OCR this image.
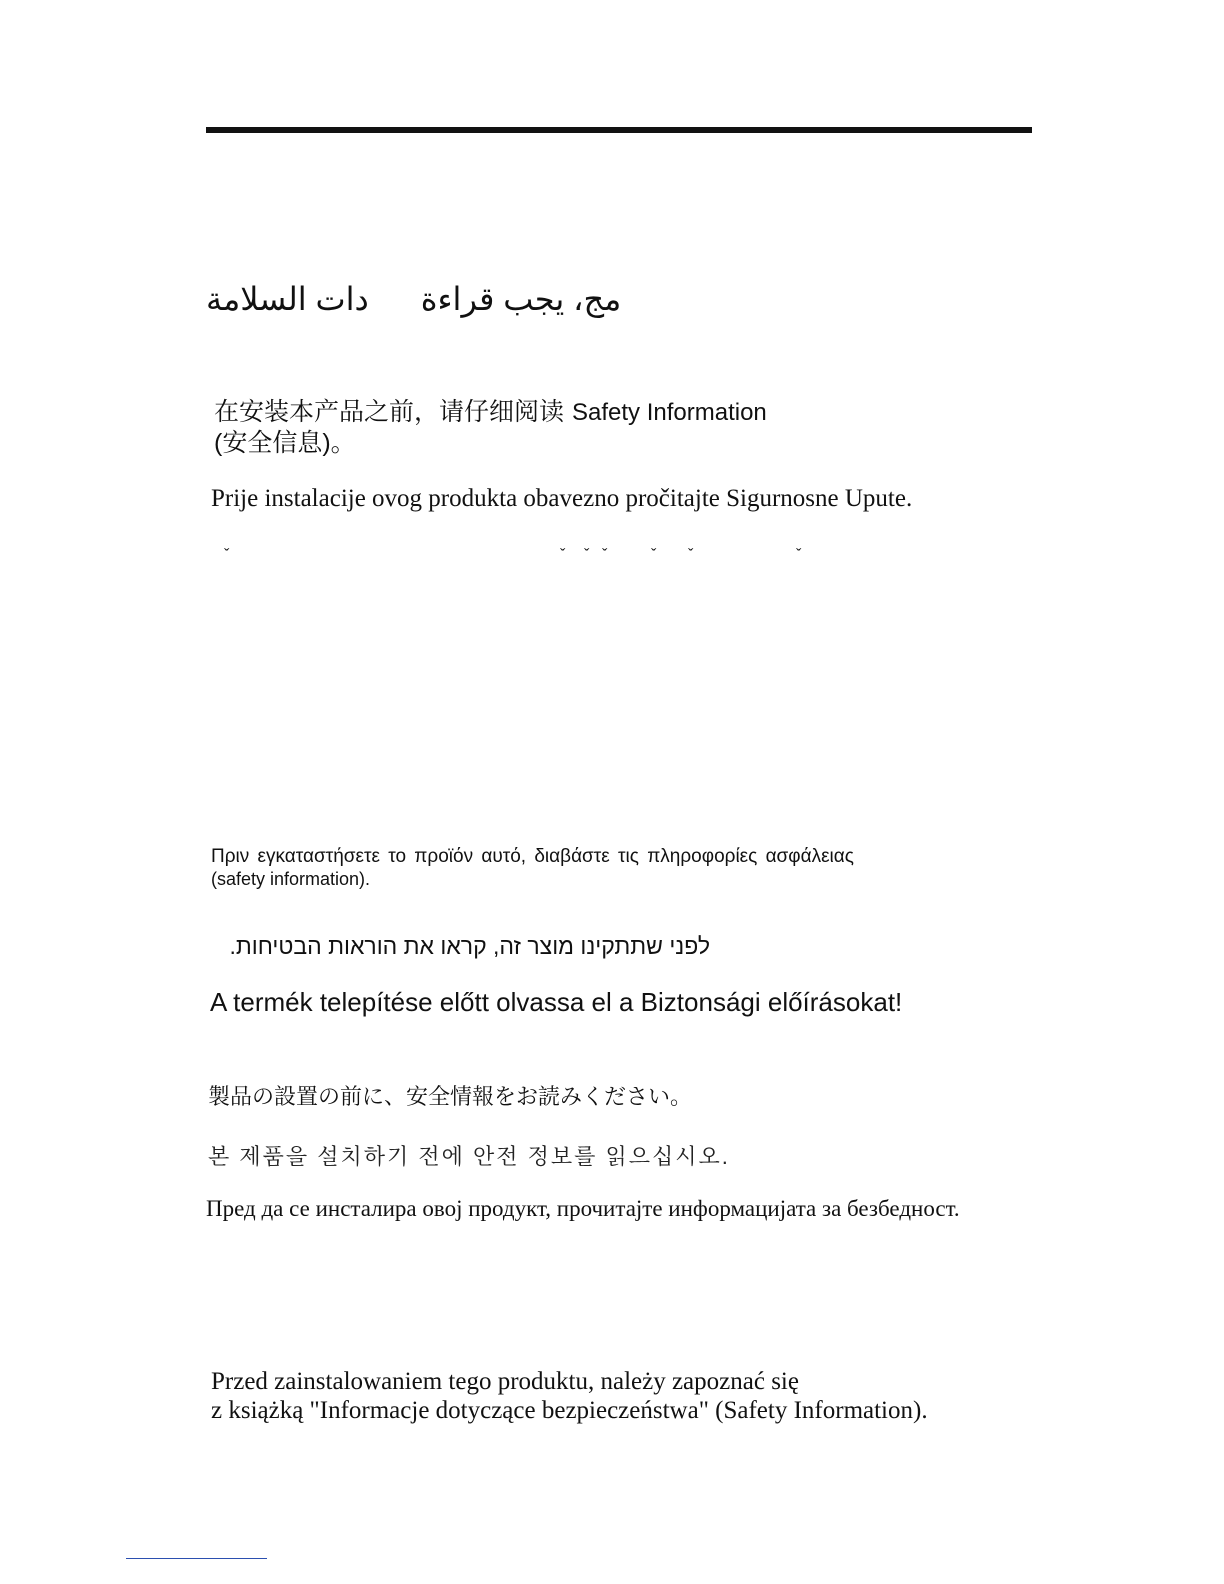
مج، يجب قراءةدات السلامة

在安装本产品之前，请仔细阅读 Safety Information

(安全信息)。

Prije instalacije ovog produkta obavezno pročitajte Sigurnosne Upute.

ˇ	ˇ ˇ ˇ	ˇ ˇ	ˇ

Πριν εγκαταστήσετε το προϊόν αυτό, διαβάστε τις πληροφορίες ασφάλειας

(safety information).

לפני שתתקינו מוצר זה, קראו את הוראות הבטיחות.

A termék telepítése előtt olvassa el a Biztonsági előírásokat!

製品の設置の前に、安全情報をお読みください。

본 제품을 설치하기 전에 안전 정보를 읽으십시오.

Пред да се инсталира овој продукт, прочитајте информацијата за безбедност.

Przed zainstalowaniem tego produktu, należy zapoznać się

z książką "Informacje dotyczące bezpieczeństwa" (Safety Information).
